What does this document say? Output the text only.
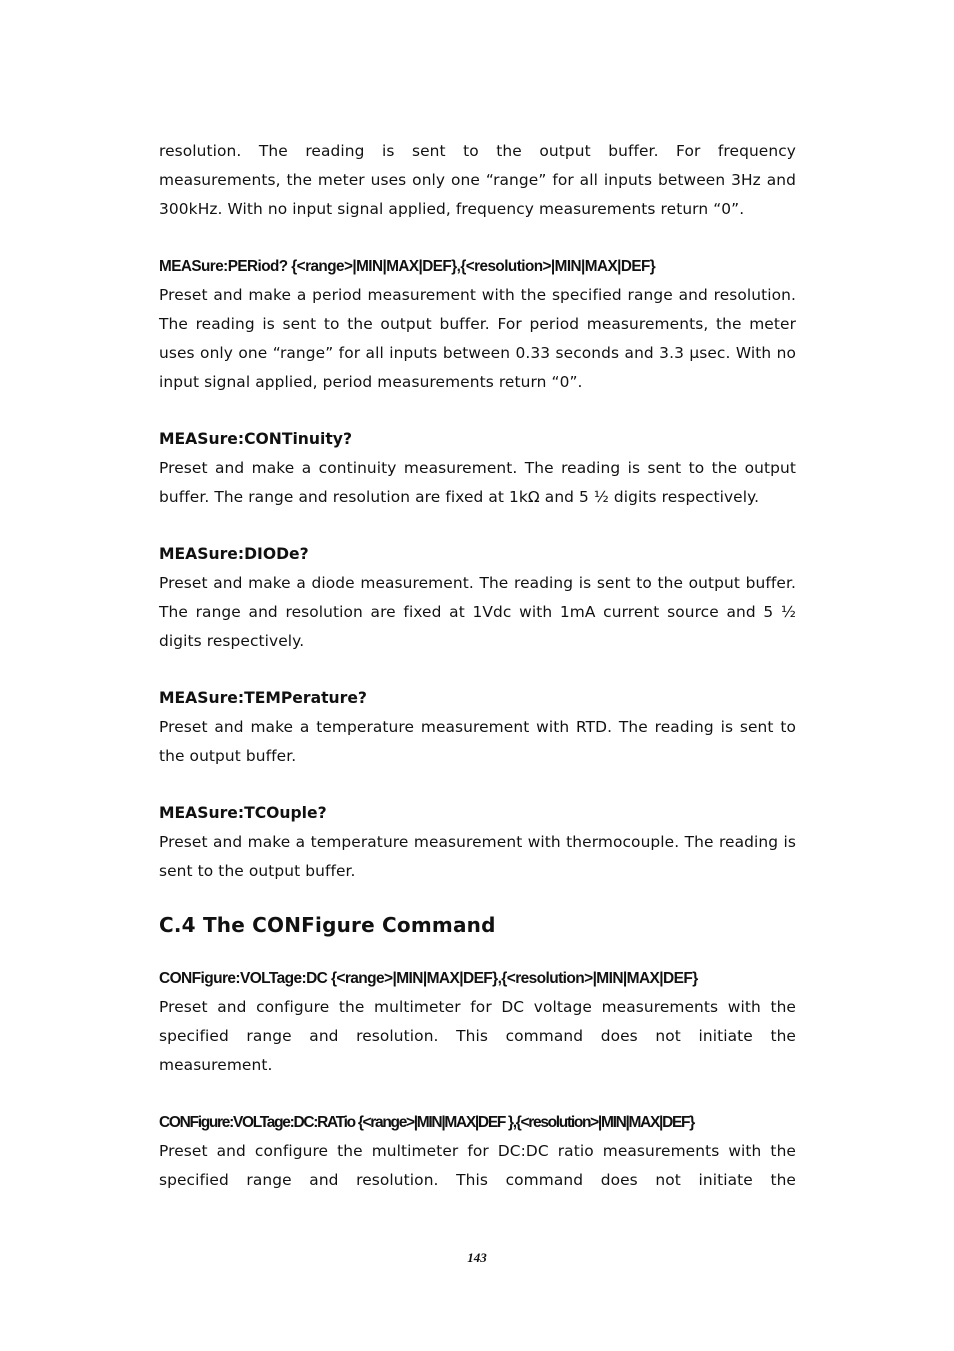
resolution. The reading is sent to the output buffer. For frequency measurements, the meter uses only one “range” for all inputs between 3Hz and 300kHz. With no input signal applied, frequency measurements return “0”.

MEASure:PERiod? {<range>|MIN|MAX|DEF},{<resolution>|MIN|MAX|DEF}

Preset and make a period measurement with the specified range and resolution. The reading is sent to the output buffer. For period measurements, the meter uses only one “range” for all inputs between 0.33 seconds and 3.3 μsec. With no input signal applied, period measurements return “0”.

MEASure:CONTinuity?

Preset and make a continuity measurement. The reading is sent to the output buffer. The range and resolution are fixed at 1kΩ and 5 ½ digits respectively.

MEASure:DIODe?

Preset and make a diode measurement. The reading is sent to the output buffer. The range and resolution are fixed at 1Vdc with 1mA current source and 5 ½ digits respectively.

MEASure:TEMPerature?

Preset and make a temperature measurement with RTD. The reading is sent to the output buffer.

MEASure:TCOuple?

Preset and make a temperature measurement with thermocouple. The reading is sent to the output buffer.

C.4 The CONFigure Command

CONFigure:VOLTage:DC {<range>|MIN|MAX|DEF},{<resolution>|MIN|MAX|DEF}

Preset and configure the multimeter for DC voltage measurements with the specified range and resolution. This command does not initiate the measurement.

CONFigure:VOLTage:DC:RATio {<range>|MIN|MAX|DEF },{<resolution>|MIN|MAX|DEF}

Preset and configure the multimeter for DC:DC ratio measurements with the specified range and resolution. This command does not initiate the

143
